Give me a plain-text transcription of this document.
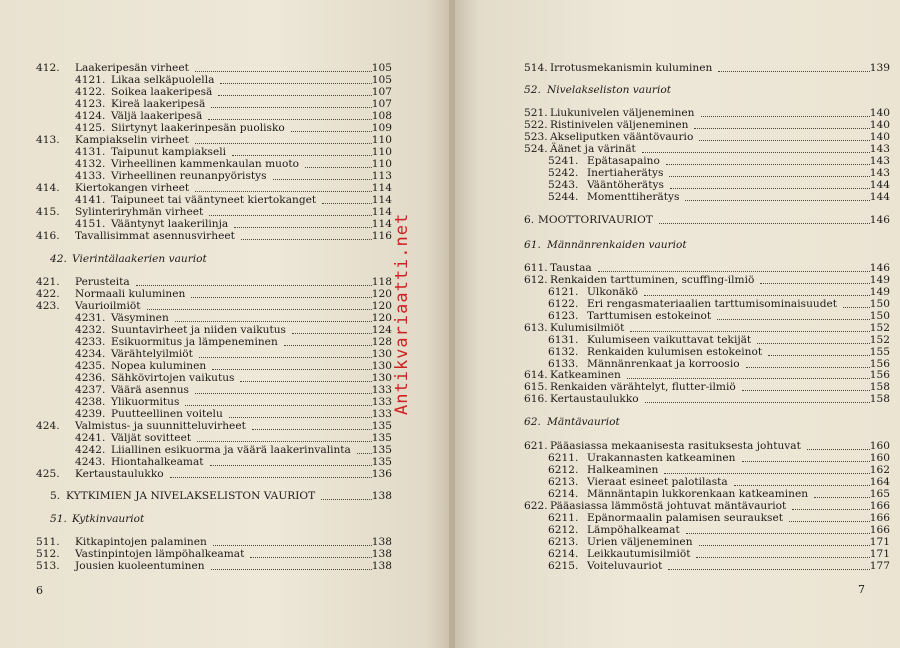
6
412. Laakeripesän virheet	105
4121. Likaa selkäpuolella	105
4122. Soikea laakeripesä	107
4123. Kireä laakeripesä	107
4124. Väljä laakeripesä	108
4125. Siirtynyt laakerinpesän puolisko	109
413. Kampiakselin virheet	110
4131. Taipunut kampiakseli	110
4132. Virheellinen kammenkaulan muoto	110
4133. Virheellinen reunanpyöristys	113
414. Kiertokangen virheet	114
4141. Taipuneet tai vääntyneet kiertokanget	114
415. Sylinteriryhmän virheet	114
4151. Vääntynyt laakerilinja	114
416. Tavallisimmat asennusvirheet	116
42. Vierintälaakerien vauriot
421. Perusteita	118
422. Normaali kuluminen	120
423. Vaurioilmiöt	120
4231. Väsyminen	120
4232. Suuntavirheet ja niiden vaikutus	124
4233. Esikuormitus ja lämpeneminen	128
4234. Värähtelyilmiöt	130
4235. Nopea kuluminen	130
4236. Sähkövirtojen vaikutus	130
4237. Väärä asennus	133
4238. Ylikuormitus	133
4239. Puutteellinen voitelu	133
424. Valmistus- ja suunnitteluvirheet	135
4241. Väljät sovitteet	135
4242. Liiallinen esikuorma ja väärä laakerinvalinta	135
4243. Hiontahalkeamat	135
425. Kertaustaulukko	136
5. KYTKIMIEN JA NIVELAKSELISTON VAURIOT	138
51. Kytkinvauriot
511. Kitkapintojen palaminen	138
512. Vastinpintojen lämpöhalkeamat	138
513. Jousien kuoleentuminen	138
7
514. Irrotusmekanismin kuluminen	139
52. Nivelakseliston vauriot
521. Liukunivelen väljeneminen	140
522. Ristinivelen väljeneminen	140
523. Akseliputken vääntövaurio	140
524. Äänet ja värinät	143
5241. Epätasapaino	143
5242. Inertiaherätys	143
5243. Vääntöherätys	144
5244. Momenttiherätys	144
6. MOOTTORIVAURIOT	146
61. Männänrenkaiden vauriot
611. Taustaa	146
612. Renkaiden tarttuminen, scuffing-ilmiö	149
6121. Ulkonäkö	149
6122. Eri rengasmateriaalien tarttumisominaisuudet	150
6123. Tarttumisen estokeinot	150
613. Kulumisilmiöt	152
6131. Kulumiseen vaikuttavat tekijät	152
6132. Renkaiden kulumisen estokeinot	155
6133. Männänrenkaat ja korroosio	156
614. Katkeaminen	156
615. Renkaiden värähtelyt, flutter-ilmiö	158
616. Kertaustaulukko	158
62. Mäntävauriot
621. Pääasiassa mekaanisesta rasituksesta johtuvat	160
6211. Urakannasten katkeaminen	160
6212. Halkeaminen	162
6213. Vieraat esineet palotilasta	164
6214. Männäntapin lukkorenkaan katkeaminen	165
622. Pääasiassa lämmöstä johtuvat mäntävauriot	166
6211. Epänormaalin palamisen seuraukset	166
6212. Lämpöhalkeamat	166
6213. Urien väljeneminen	171
6214. Leikkautumisilmiöt	171
6215. Voiteluvauriot	177
Antikvariaatti.net
